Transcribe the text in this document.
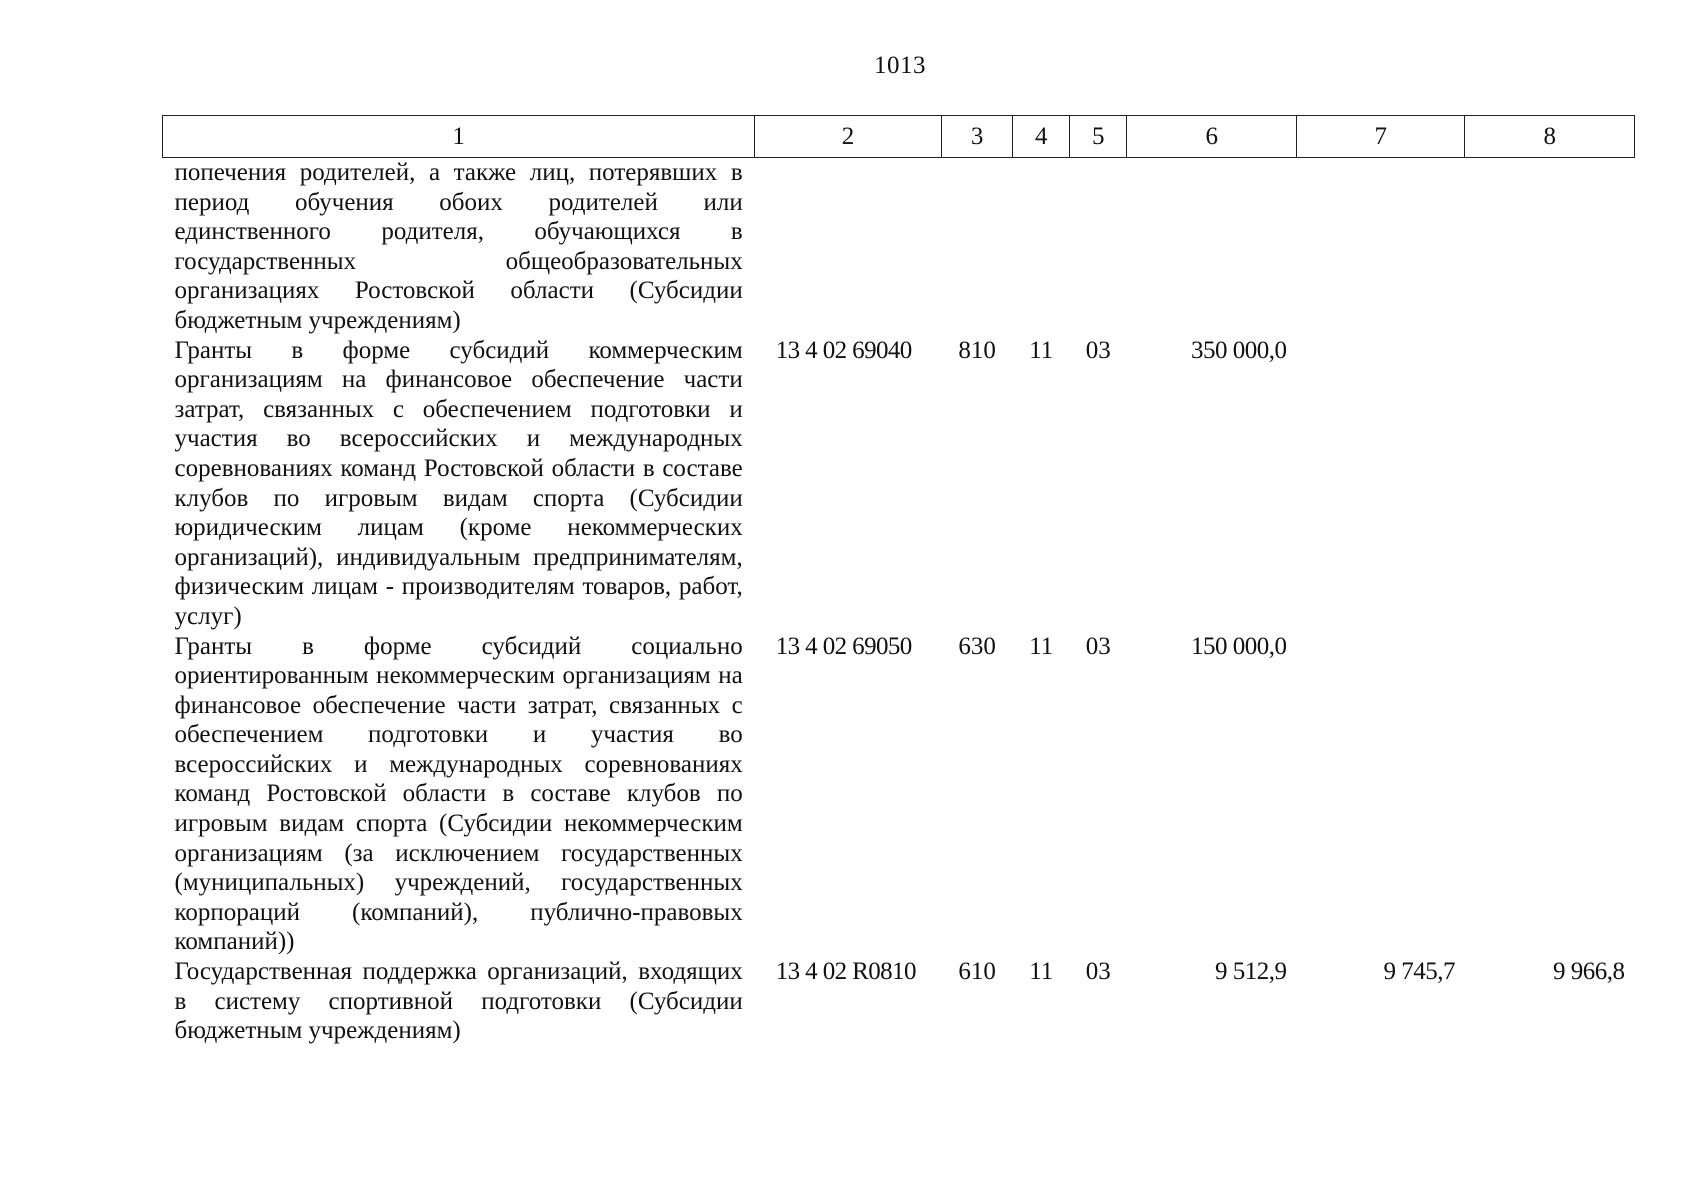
1013
1	2	3	4	5	6	7	8
попечения родителей, а также лиц, потерявших в период обучения обоих родителей или единственного родителя, обучающихся в государственных общеобразовательных организациях Ростовской области (Субсидии бюджетным учреждениям)							
Гранты в форме субсидий коммерческим организациям на финансовое обеспечение части затрат, связанных с обеспечением подготовки и участия во всероссийских и международных соревнованиях команд Ростовской области в составе клубов по игровым видам спорта (Субсидии юридическим лицам (кроме некоммерческих организаций), индивидуальным предпринимателям, физическим лицам - производителям товаров, работ, услуг)	13 4 02 69040	810	11	03	350 000,0		
Гранты в форме субсидий социально ориентированным некоммерческим организациям на финансовое обеспечение части затрат, связанных с обеспечением подготовки и участия во всероссийских и международных соревнованиях команд Ростовской области в составе клубов по игровым видам спорта (Субсидии некоммерческим организациям (за исключением государственных (муниципальных) учреждений, государственных корпораций (компаний), публично-правовых компаний))	13 4 02 69050	630	11	03	150 000,0		
Государственная поддержка организаций, входящих в систему спортивной подготовки (Субсидии бюджетным учреждениям)	13 4 02 R0810	610	11	03	9 512,9	9 745,7	9 966,8
